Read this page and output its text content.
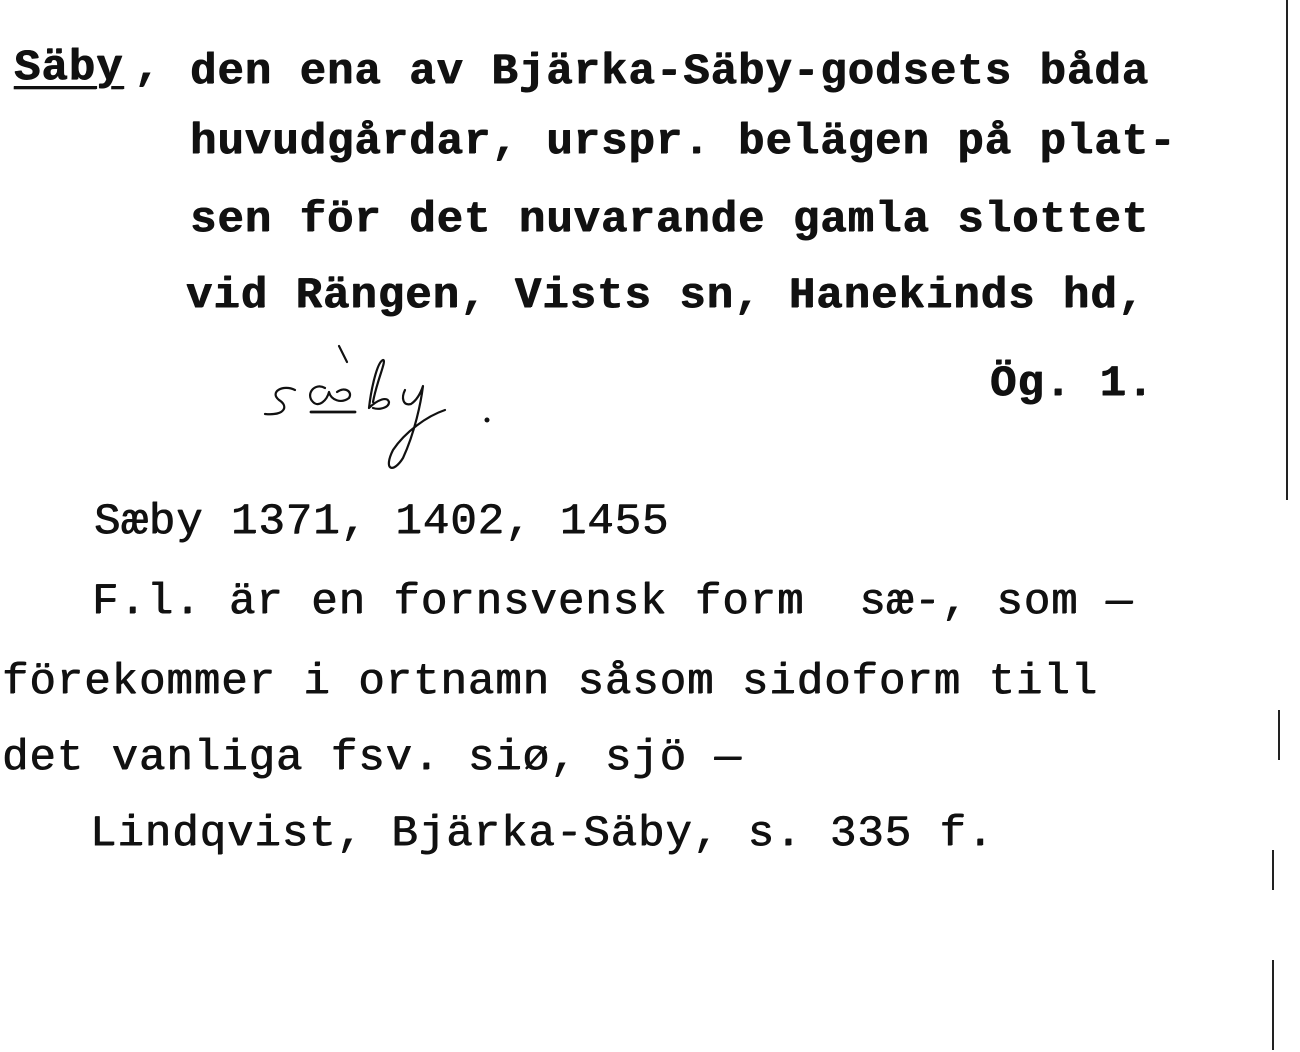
Säby , den ena av Bjärka-Säby-godsets båda
huvudgårdar, urspr. belägen på plat-
sen för det nuvarande gamla slottet
vid Rängen, Vists sn, Hanekinds hd,
Ög. 1.
sæby.
Sæby 1371, 1402, 1455
F.l. är en fornsvensk form  sæ-, som —
förekommer i ortnamn såsom sidoform till
det vanliga fsv. siø, sjö —
Lindqvist, Bjärka-Säby, s. 335 f.
